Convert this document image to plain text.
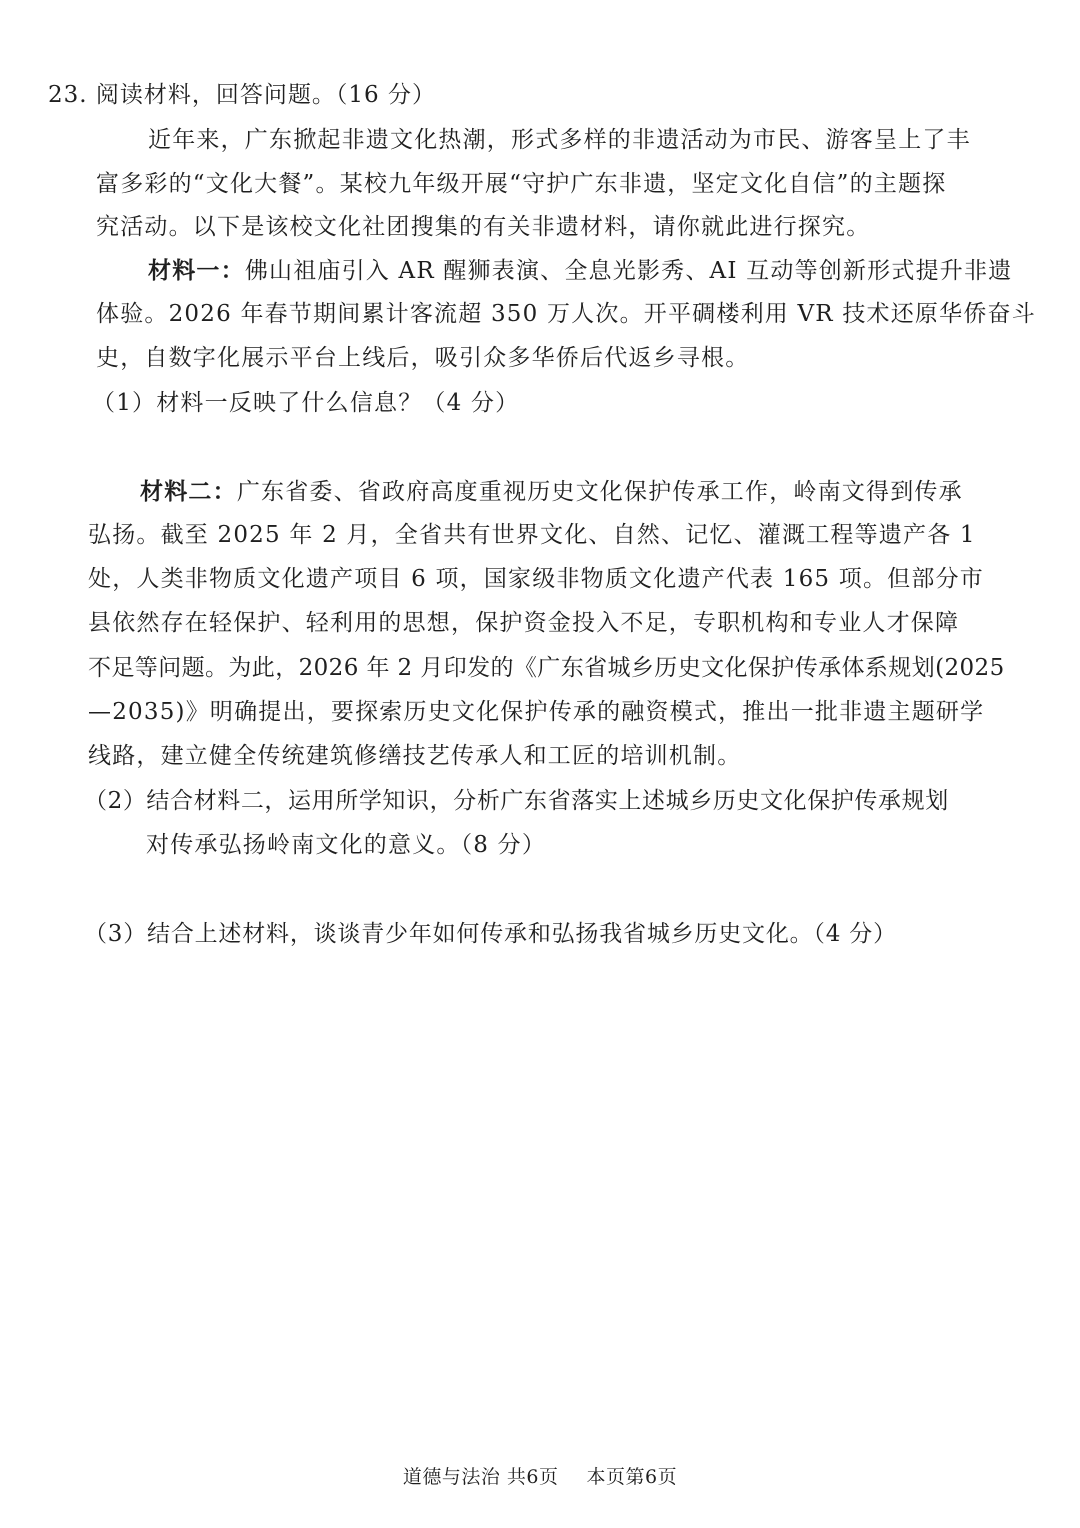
23. 阅读材料，回答问题。（16 分）
近年来，广东掀起非遗文化热潮，形式多样的非遗活动为市民、游客呈上了丰
富多彩的“文化大餐”。某校九年级开展“守护广东非遗，坚定文化自信”的主题探
究活动。以下是该校文化社团搜集的有关非遗材料，请你就此进行探究。
材料一：佛山祖庙引入 AR 醒狮表演、全息光影秀、AI 互动等创新形式提升非遗
体验。2026 年春节期间累计客流超 350 万人次。开平碉楼利用 VR 技术还原华侨奋斗
史，自数字化展示平台上线后，吸引众多华侨后代返乡寻根。
（1）材料一反映了什么信息？（4 分）
材料二：广东省委、省政府高度重视历史文化保护传承工作，岭南文得到传承
弘扬。截至 2025 年 2 月，全省共有世界文化、自然、记忆、灌溉工程等遗产各 1
处，人类非物质文化遗产项目 6 项，国家级非物质文化遗产代表 165 项。但部分市
县依然存在轻保护、轻利用的思想，保护资金投入不足，专职机构和专业人才保障
不足等问题。为此，2026 年 2 月印发的《广东省城乡历史文化保护传承体系规划(2025
—2035)》明确提出，要探索历史文化保护传承的融资模式，推出一批非遗主题研学
线路，建立健全传统建筑修缮技艺传承人和工匠的培训机制。
（2）结合材料二，运用所学知识，分析广东省落实上述城乡历史文化保护传承规划
对传承弘扬岭南文化的意义。（8 分）
（3）结合上述材料，谈谈青少年如何传承和弘扬我省城乡历史文化。（4 分）
道德与法治 共6页 本页第6页
